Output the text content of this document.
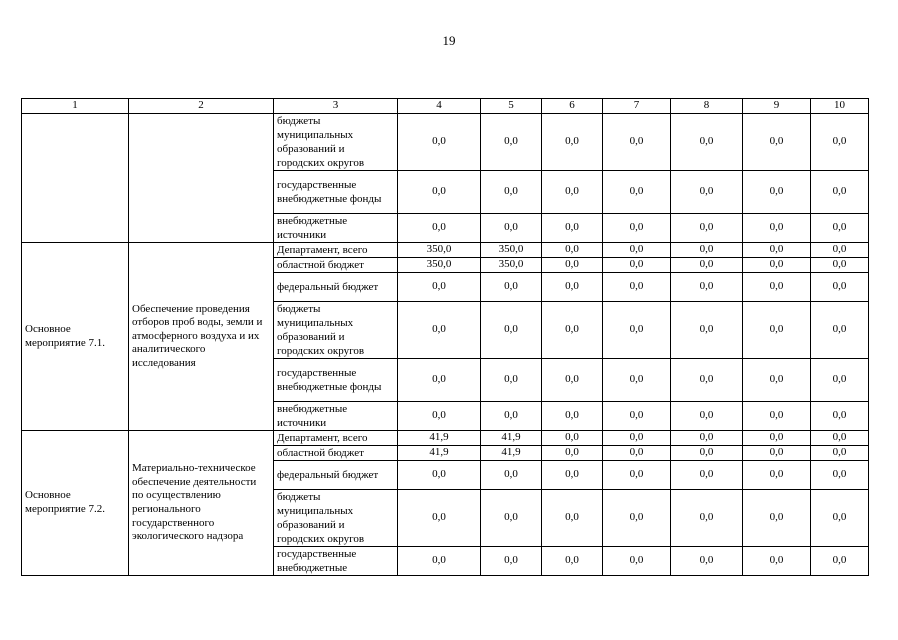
19
1	2	3	4	5	6	7	8	9	10
		бюджеты муниципальных образований и городских округов	0,0	0,0	0,0	0,0	0,0	0,0	0,0
		государственные внебюджетные фонды	0,0	0,0	0,0	0,0	0,0	0,0	0,0
		внебюджетные источники	0,0	0,0	0,0	0,0	0,0	0,0	0,0
Основное мероприятие 7.1.	Обеспечение проведения отборов проб воды, земли и атмосферного воздуха и их аналитического исследования	Департамент, всего	350,0	350,0	0,0	0,0	0,0	0,0	0,0
		областной бюджет	350,0	350,0	0,0	0,0	0,0	0,0	0,0
		федеральный бюджет	0,0	0,0	0,0	0,0	0,0	0,0	0,0
		бюджеты муниципальных образований и городских округов	0,0	0,0	0,0	0,0	0,0	0,0	0,0
		государственные внебюджетные фонды	0,0	0,0	0,0	0,0	0,0	0,0	0,0
		внебюджетные источники	0,0	0,0	0,0	0,0	0,0	0,0	0,0
Основное мероприятие 7.2.	Материально-техническое обеспечение деятельности по осуществлению регионального государственного экологического надзора	Департамент, всего	41,9	41,9	0,0	0,0	0,0	0,0	0,0
		областной бюджет	41,9	41,9	0,0	0,0	0,0	0,0	0,0
		федеральный бюджет	0,0	0,0	0,0	0,0	0,0	0,0	0,0
		бюджеты муниципальных образований и городских округов	0,0	0,0	0,0	0,0	0,0	0,0	0,0
		государственные внебюджетные	0,0	0,0	0,0	0,0	0,0	0,0	0,0
